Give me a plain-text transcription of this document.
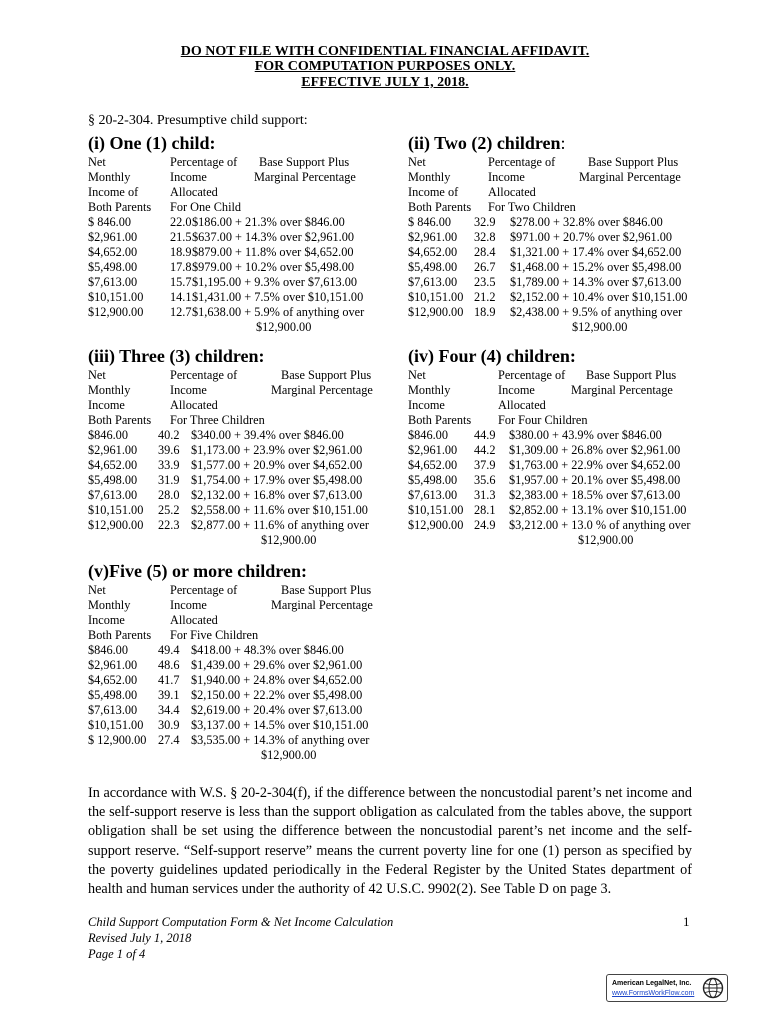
DO NOT FILE WITH CONFIDENTIAL FINANCIAL AFFIDAVIT.
FOR COMPUTATION PURPOSES ONLY.
EFFECTIVE JULY 1, 2018.
§ 20-2-304. Presumptive child support:
(i) One (1) child:
Net	Percentage of Base Support Plus
Monthly	Income	Marginal Percentage
Income of	Allocated
Both Parents For One Child
$ 846.00	22.0 $186.00 + 21.3% over $846.00
$2,961.00	21.5 $637.00 + 14.3% over $2,961.00
$4,652.00	18.9 $879.00 + 11.8% over $4,652.00
$5,498.00	17.8 $979.00 + 10.2% over $5,498.00
$7,613.00	15.7 $1,195.00 + 9.3% over $7,613.00
$10,151.00 14.1 $1,431.00 + 7.5% over $10,151.00
$12,900.00 12.7 $1,638.00 + 5.9% of anything over
$12,900.00
(ii) Two (2) children:
Net	Percentage of	Base Support Plus
Monthly	Income	Marginal Percentage
Income of Allocated
Both Parents For Two Children
$ 846.00 32.9 $278.00 + 32.8% over $846.00
$2,961.00 32.8 $971.00 + 20.7% over $2,961.00
$4,652.00 28.4 $1,321.00 + 17.4% over $4,652.00
$5,498.00 26.7 $1,468.00 + 15.2% over $5,498.00
$7,613.00 23.5 $1,789.00 + 14.3% over $7,613.00
$10,151.00 21.2 $2,152.00 + 10.4% over $10,151.00
$12,900.00 18.9 $2,438.00 + 9.5% of anything over
$12,900.00
(iii) Three (3) children:
Net	Percentage of	Base Support Plus
Monthly	Income	Marginal Percentage
Income	Allocated
Both Parents For Three Children
$846.00 40.2 $340.00 + 39.4% over $846.00
$2,961.00 39.6 $1,173.00 + 23.9% over $2,961.00
$4,652.00 33.9 $1,577.00 + 20.9% over $4,652.00
$5,498.00 31.9 $1,754.00 + 17.9% over $5,498.00
$7,613.00 28.0 $2,132.00 + 16.8% over $7,613.00
$10,151.00 25.2 $2,558.00 + 11.6% over $10,151.00
$12,900.00 22.3 $2,877.00 + 11.6% of anything over
$12,900.00
(iv) Four (4) children:
Net	Percentage of Base Support Plus
Monthly	Income	Marginal Percentage
Income	Allocated
Both Parents For Four Children
$846.00 44.9 $380.00 + 43.9% over $846.00
$2,961.00 44.2 $1,309.00 + 26.8% over $2,961.00
$4,652.00 37.9 $1,763.00 + 22.9% over $4,652.00
$5,498.00 35.6 $1,957.00 + 20.1% over $5,498.00
$7,613.00 31.3 $2,383.00 + 18.5% over $7,613.00
$10,151.00 28.1 $2,852.00 + 13.1% over $10,151.00
$12,900.00 24.9 $3,212.00 + 13.0 % of anything over
$12,900.00
(v)Five (5) or more children:
Net	Percentage of	Base Support Plus
Monthly	Income	Marginal Percentage
Income	Allocated
Both Parents For Five Children
$846.00 49.4 $418.00 + 48.3% over $846.00
$2,961.00 48.6 $1,439.00 + 29.6% over $2,961.00
$4,652.00 41.7 $1,940.00 + 24.8% over $4,652.00
$5,498.00 39.1 $2,150.00 + 22.2% over $5,498.00
$7,613.00 34.4 $2,619.00 + 20.4% over $7,613.00
$10,151.00 30.9 $3,137.00 + 14.5% over $10,151.00
$ 12,900.00 27.4 $3,535.00 + 14.3% of anything over
$12,900.00
In accordance with W.S. § 20-2-304(f), if the difference between the noncustodial parent’s net income and the self-support reserve is less than the support obligation as calculated from the tables above, the support obligation shall be set using the difference between the noncustodial parent’s net income and the self-support reserve. “Self-support reserve” means the current poverty line for one (1) person as specified by the poverty guidelines updated periodically in the Federal Register by the United States department of health and human services under the authority of 42 U.S.C. 9902(2). See Table D on page 3.
Child Support Computation Form & Net Income Calculation
Revised July 1, 2018
Page 1 of 4
1
American LegalNet, Inc.
www.FormsWorkFlow.com
